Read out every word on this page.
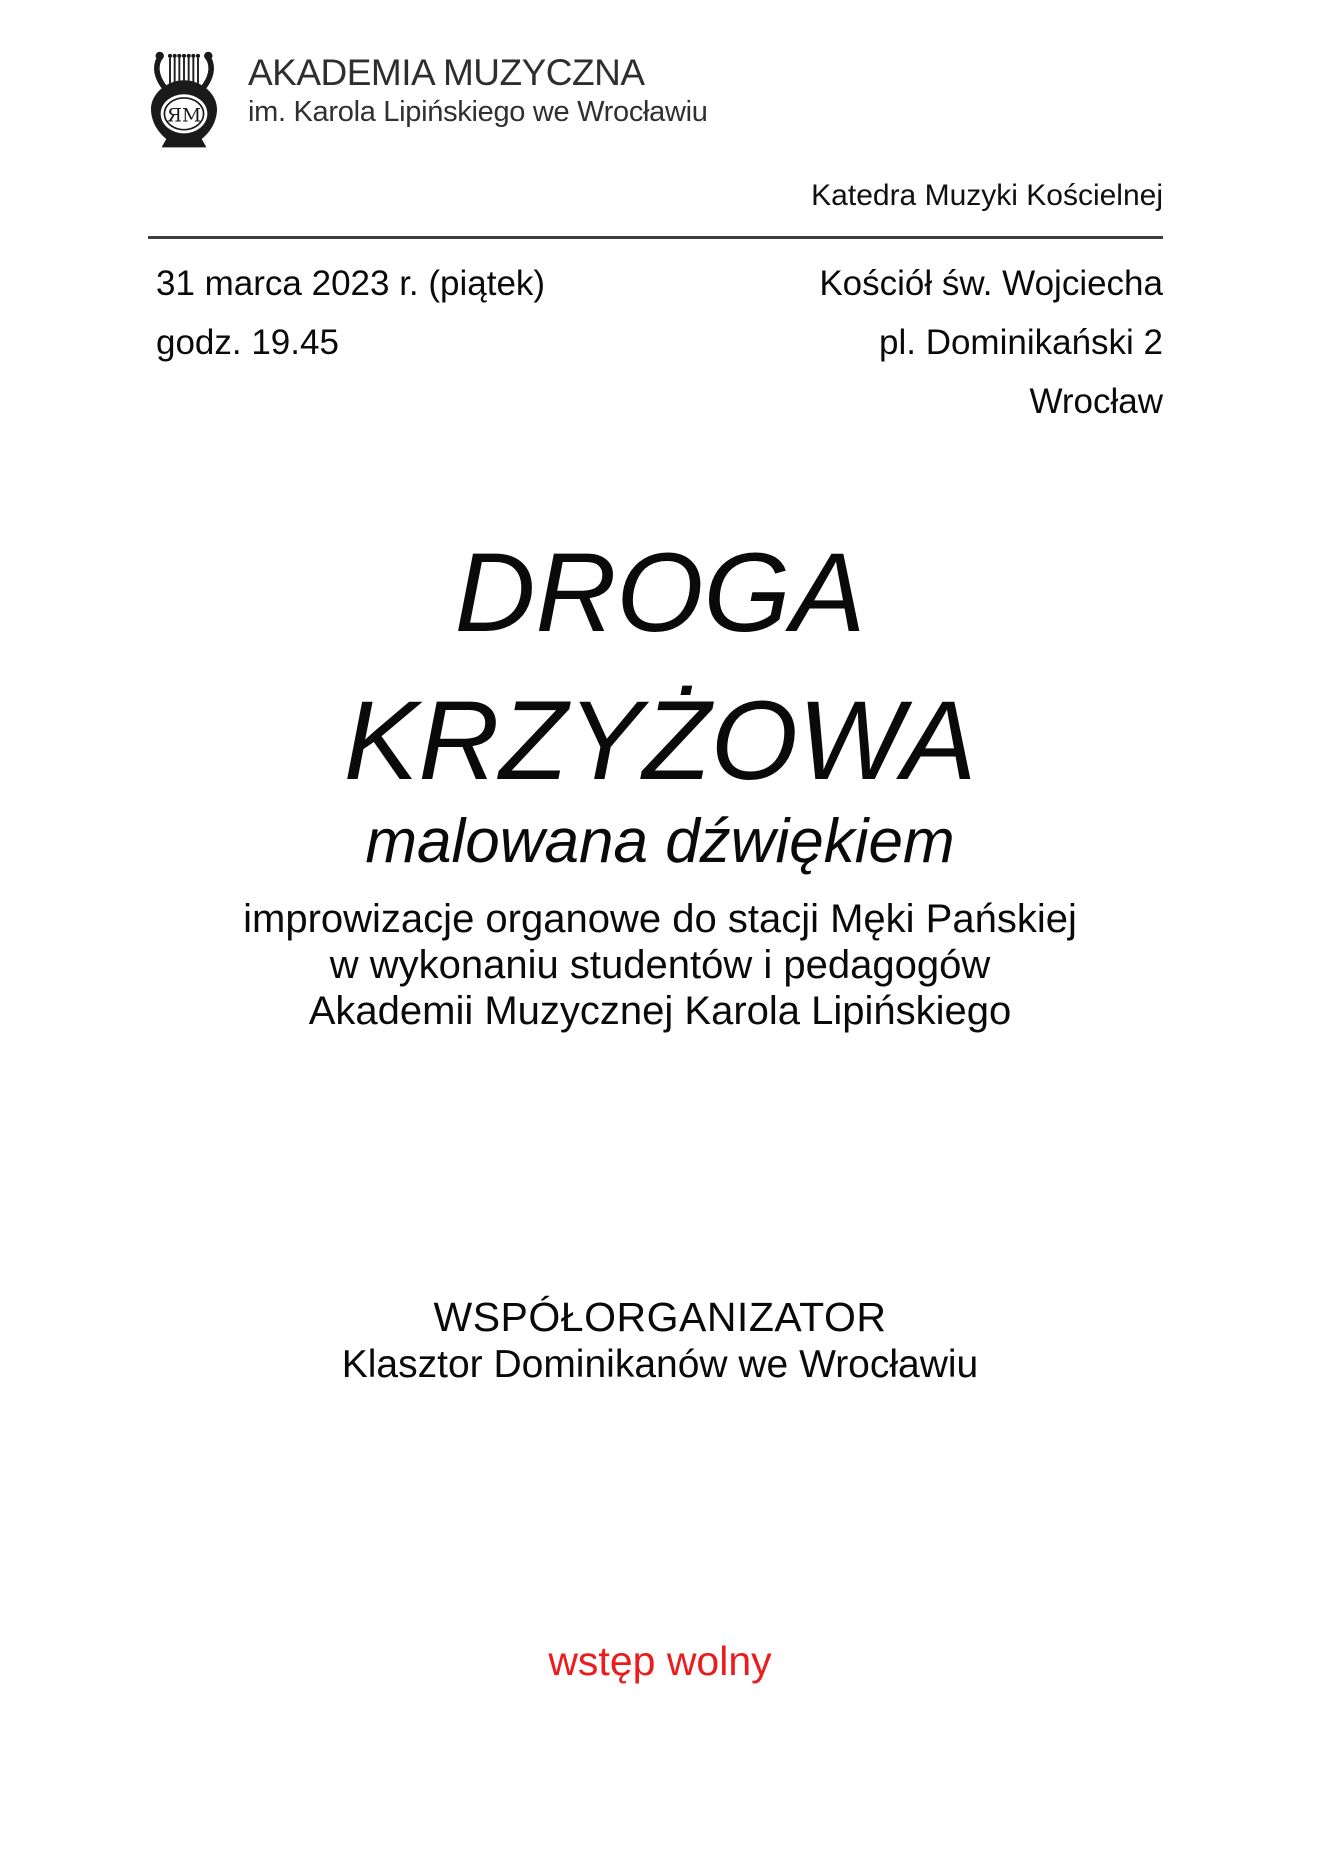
ЯM
AKADEMIA MUZYCZNA
im. Karola Lipińskiego we Wrocławiu
Katedra Muzyki Kościelnej
31 marca 2023 r. (piątek)
godz. 19.45
Kościół św. Wojciecha
pl. Dominikański 2
Wrocław
DROGA
KRZYŻOWA
malowana dźwiękiem
improwizacje organowe do stacji Męki Pańskiej
w wykonaniu studentów i pedagogów
Akademii Muzycznej Karola Lipińskiego
WSPÓŁORGANIZATOR
Klasztor Dominikanów we Wrocławiu
wstęp wolny
